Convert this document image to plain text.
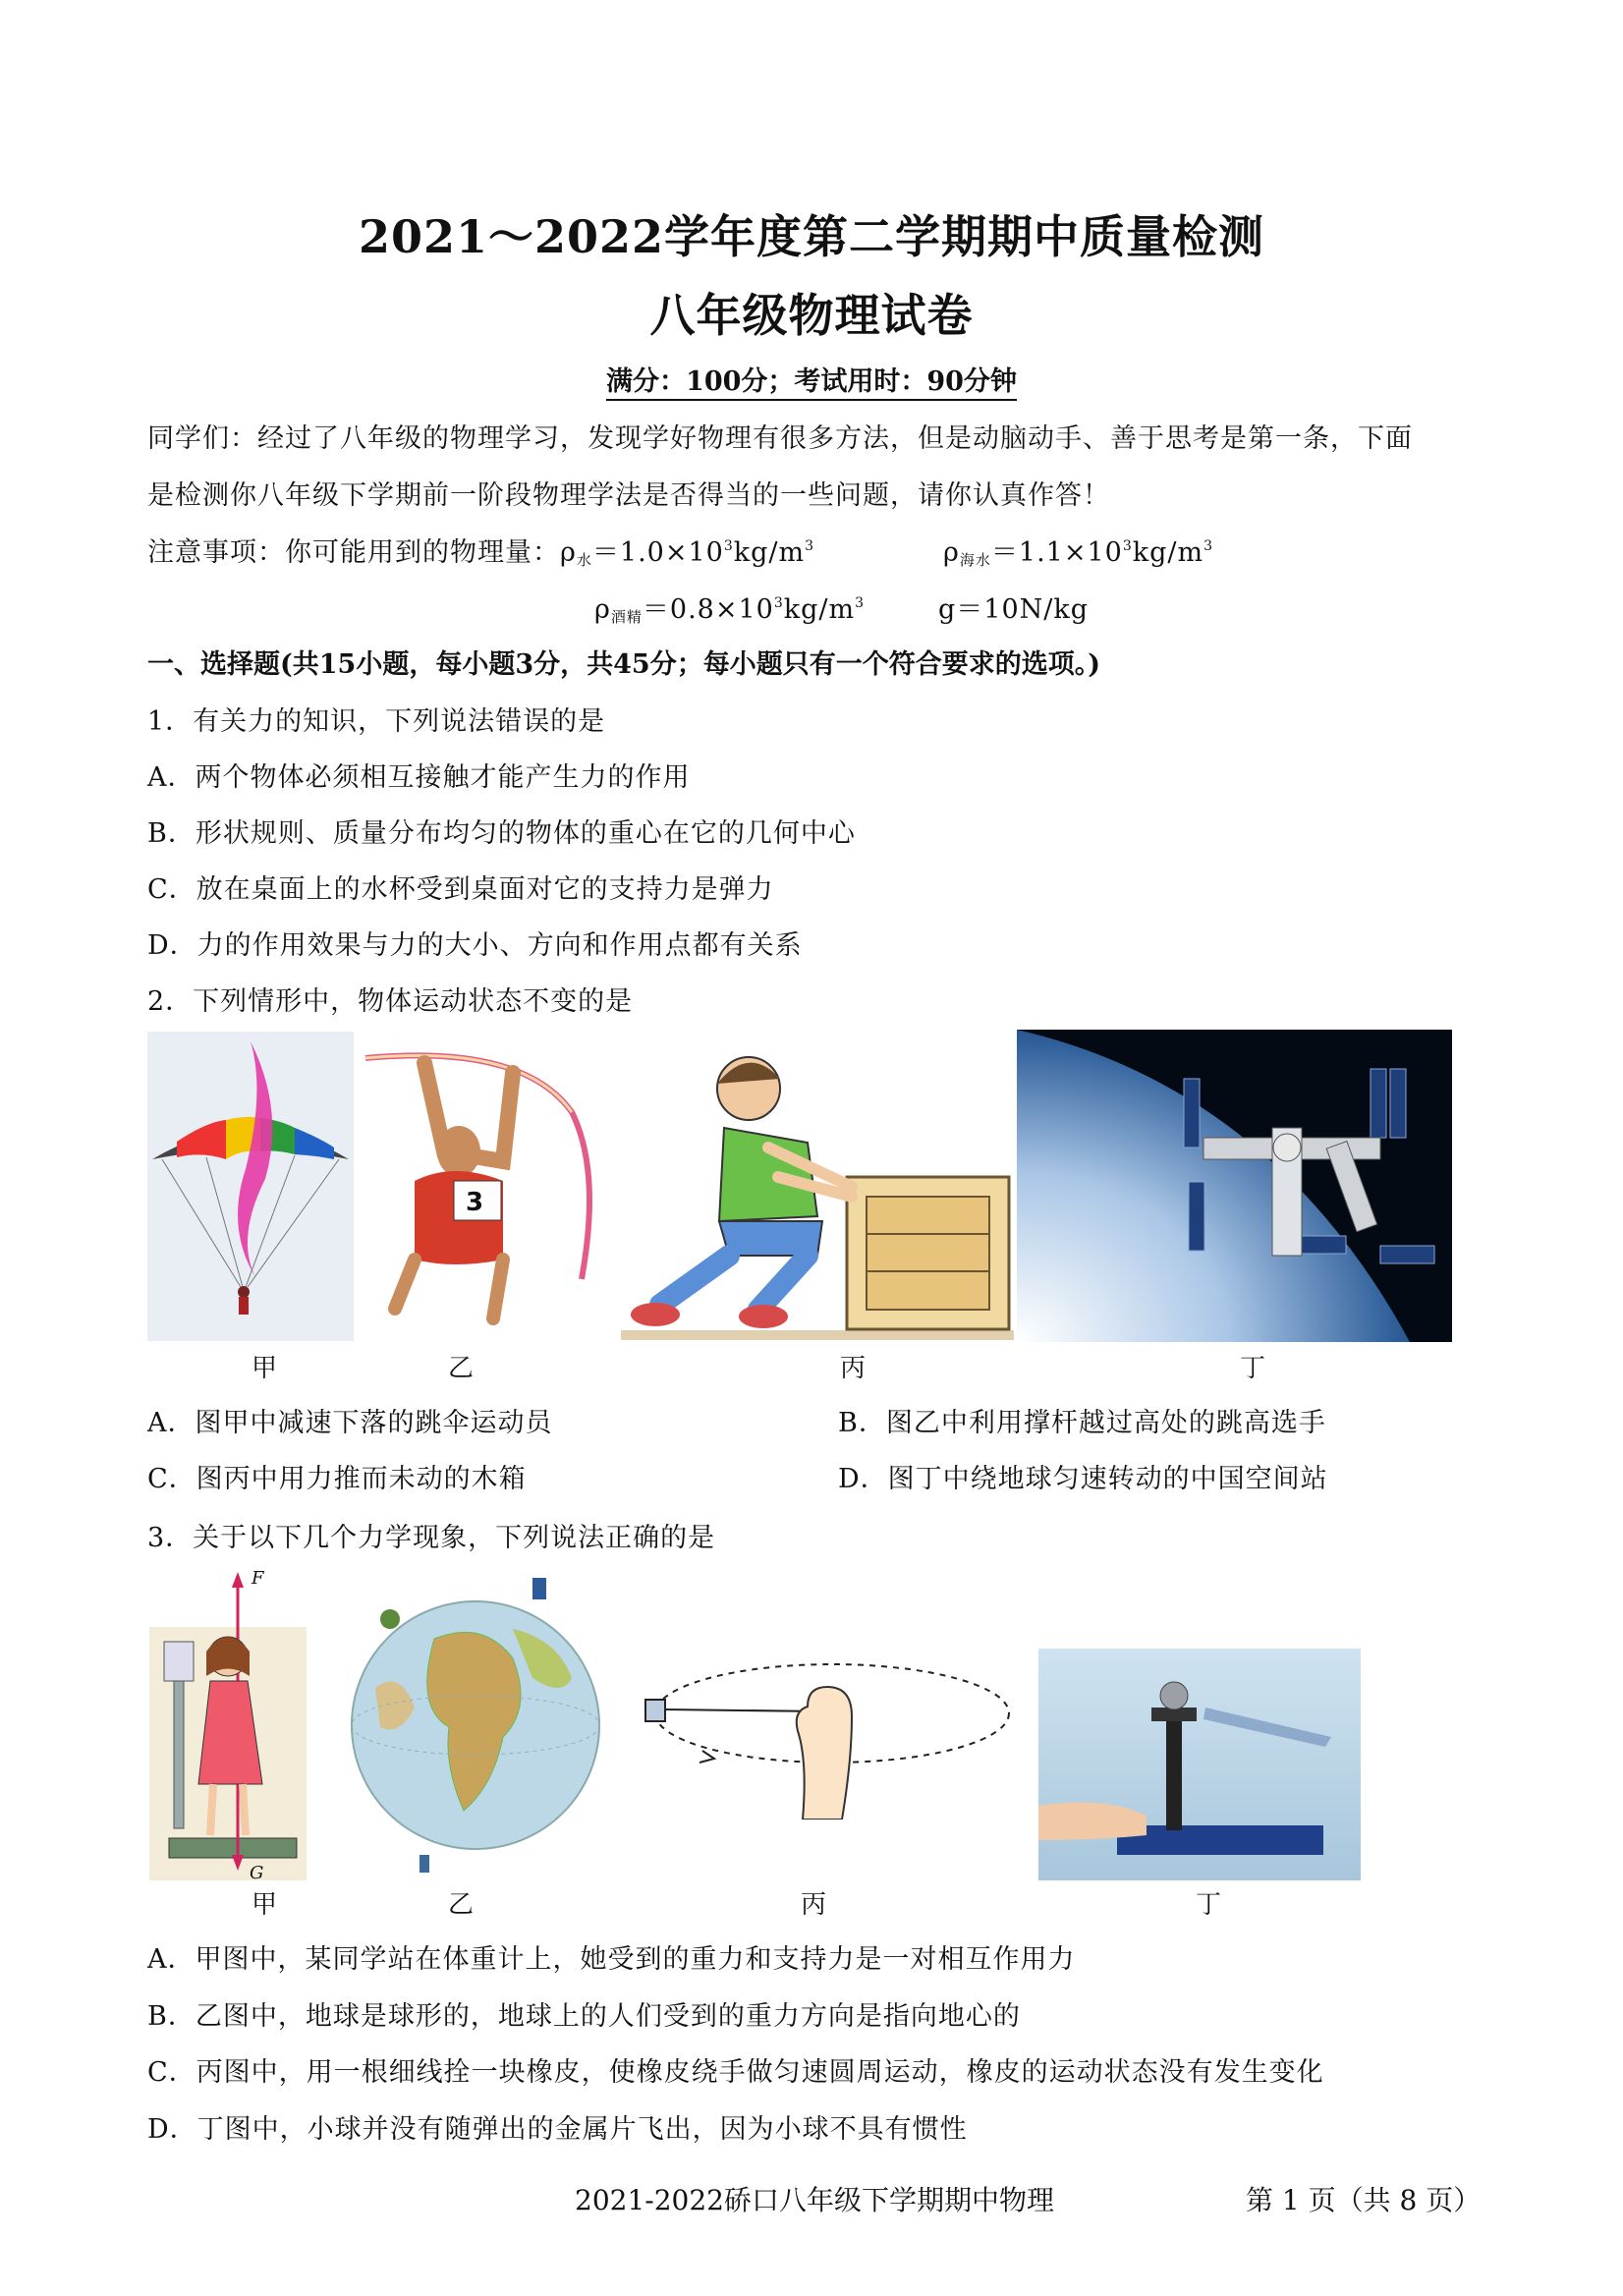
2021～2022学年度第二学期期中质量检测
八年级物理试卷
满分：100分；考试用时：90分钟
同学们：经过了八年级的物理学习，发现学好物理有很多方法，但是动脑动手、善于思考是第一条，下面
是检测你八年级下学期前一阶段物理学法是否得当的一些问题，请你认真作答！
注意事项：你可能用到的物理量：$\rho_水=1.0\times 10^3kg/m^3$	$\rho_{海水}=1.1\times 10^3kg/m^3$
$\rho_{酒精}=0.8\times 10^3kg/m^3$	g＝10N/kg
一、选择题(共15小题，每小题3分，共45分；每小题只有一个符合要求的选项。)
1．有关力的知识，下列说法错误的是
A．两个物体必须相互接触才能产生力的作用
B．形状规则、质量分布均匀的物体的重心在它的几何中心
C．放在桌面上的水杯受到桌面对它的支持力是弹力
D．力的作用效果与力的大小、方向和作用点都有关系
2．下列情形中，物体运动状态不变的是
3
甲	乙	丙	丁
A．图甲中减速下落的跳伞运动员	B．图乙中利用撑杆越过高处的跳高选手
C．图丙中用力推而未动的木箱	D．图丁中绕地球匀速转动的中国空间站
3．关于以下几个力学现象，下列说法正确的是
F
G
甲	乙	丙	丁
A．甲图中，某同学站在体重计上，她受到的重力和支持力是一对相互作用力
B．乙图中，地球是球形的，地球上的人们受到的重力方向是指向地心的
C．丙图中，用一根细线拴一块橡皮，使橡皮绕手做匀速圆周运动，橡皮的运动状态没有发生变化
D．丁图中，小球并没有随弹出的金属片飞出，因为小球不具有惯性
2021-2022硚口八年级下学期期中物理	第 1 页（共 8 页）
